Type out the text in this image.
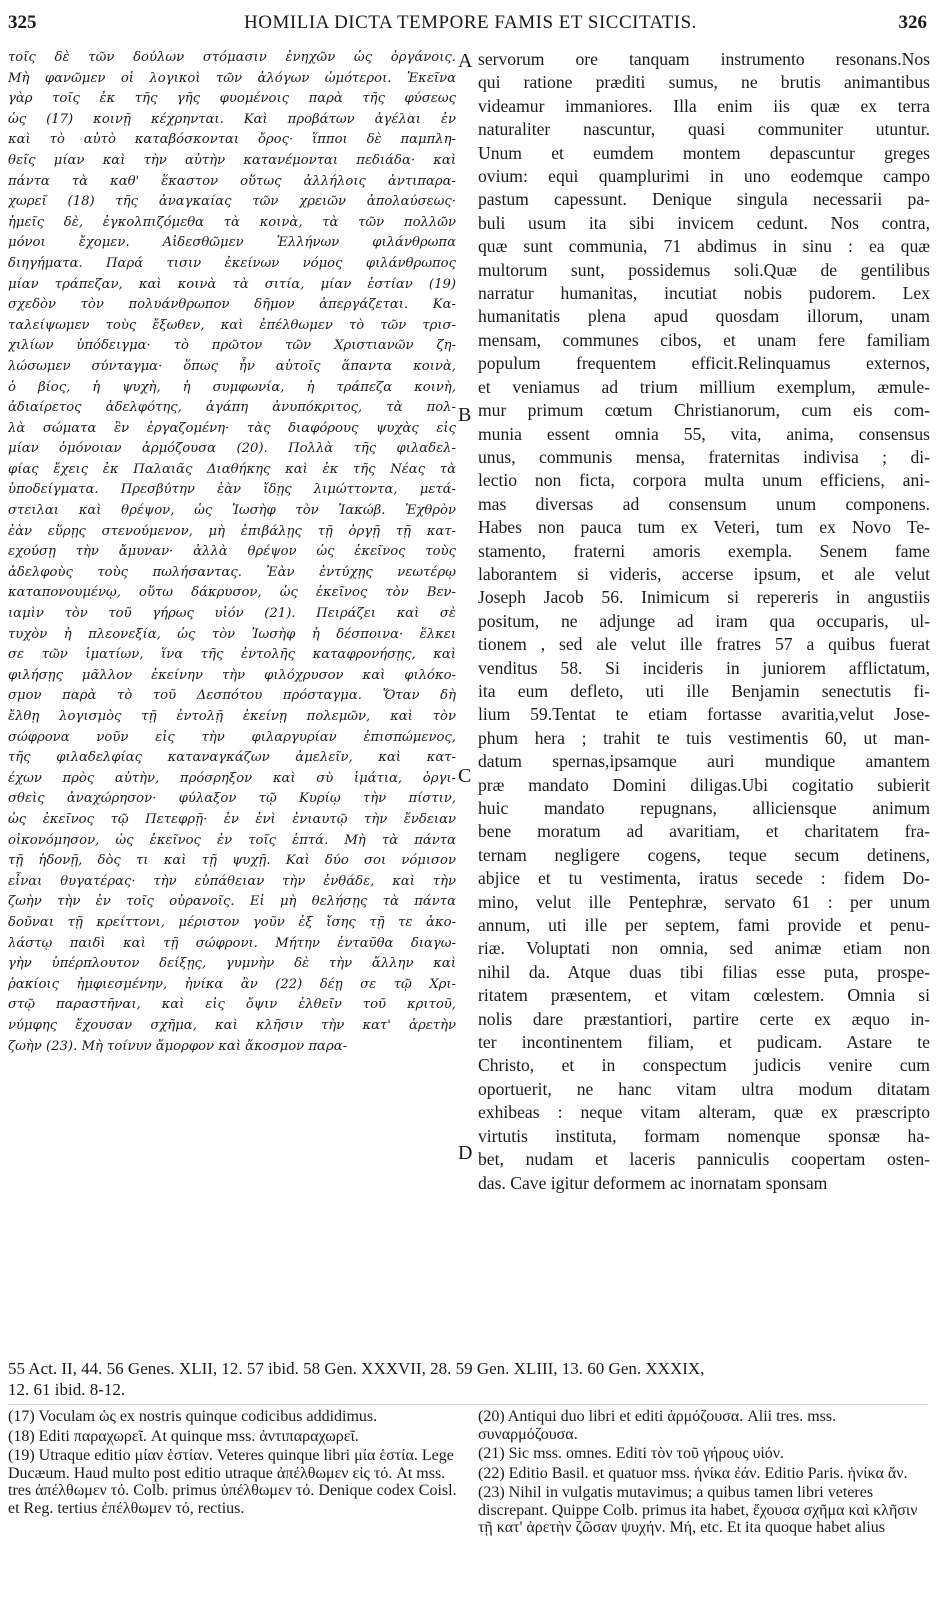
325	HOMILIA DICTA TEMPORE FAMIS ET SICCITATIS.	326
τοῖς δὲ τῶν δούλων στόμασιν ἐνηχῶν ὡς ὀργάνοις.
Μὴ φανῶμεν οἱ λογικοὶ τῶν ἀλόγων ὠμότεροι. Ἐκεῖνα
γὰρ τοῖς ἐκ τῆς γῆς φυομένοις παρὰ τῆς φύσεως
ὡς (17) κοινῇ κέχρηνται. Καὶ προβάτων ἀγέλαι ἐν
καὶ τὸ αὐτὸ καταβόσκονται ὄρος· ἵπποι δὲ παμπλη-
θεῖς μίαν καὶ τὴν αὐτὴν κατανέμονται πεδιάδα· καὶ
πάντα τὰ καθ' ἕκαστον οὕτως ἀλλήλοις ἀντιπαρα-
χωρεῖ (18) τῆς ἀναγκαίας τῶν χρειῶν ἀπολαύσεως·
ἡμεῖς δὲ, ἐγκολπιζόμεθα τὰ κοινὰ, τὰ τῶν πολλῶν
μόνοι ἔχομεν. Αἰδεσθῶμεν Ἑλλήνων φιλάνθρωπα
διηγήματα. Παρά τισιν ἐκείνων νόμος φιλάνθρωπος
μίαν τράπεζαν, καὶ κοινὰ τὰ σιτία, μίαν ἑστίαν (19)
σχεδὸν τὸν πολυάνθρωπον δῆμον ἀπεργάζεται. Κα-
ταλείψωμεν τοὺς ἔξωθεν, καὶ ἐπέλθωμεν τὸ τῶν τρισ-
χιλίων ὑπόδειγμα· τὸ πρῶτον τῶν Χριστιανῶν ζη-
λώσωμεν σύνταγμα· ὅπως ἦν αὐτοῖς ἅπαντα κοινὰ,
ὁ βίος, ἡ ψυχὴ, ἡ συμφωνία, ἡ τράπεζα κοινὴ,
ἀδιαίρετος ἀδελφότης, ἀγάπη ἀνυπόκριτος, τὰ πολ-
λὰ σώματα ἓν ἐργαζομένη· τὰς διαφόρους ψυχὰς εἰς
μίαν ὁμόνοιαν ἁρμόζουσα (20). Πολλὰ τῆς φιλαδελ-
φίας ἔχεις ἐκ Παλαιᾶς Διαθήκης καὶ ἐκ τῆς Νέας τὰ
ὑποδείγματα. Πρεσβύτην ἐὰν ἴδῃς λιμώττοντα, μετά-
στειλαι καὶ θρέψον, ὡς Ἰωσὴφ τὸν Ἰακώβ. Ἐχθρὸν
ἐὰν εὕρῃς στενούμενον, μὴ ἐπιβάλῃς τῇ ὀργῇ τῇ κατ-
εχούσῃ τὴν ἄμυναν· ἀλλὰ θρέψον ὡς ἐκεῖνος τοὺς
ἀδελφοὺς τοὺς πωλήσαντας. Ἐὰν ἐντύχῃς νεωτέρῳ
καταπονουμένῳ, οὕτω δάκρυσον, ὡς ἐκεῖνος τὸν Βεν-
ιαμὶν τὸν τοῦ γήρως υἱόν (21). Πειράζει καὶ σὲ
τυχὸν ἡ πλεονεξία, ὡς τὸν Ἰωσὴφ ἡ δέσποινα· ἕλκει
σε τῶν ἱματίων, ἵνα τῆς ἐντολῆς καταφρονήσῃς, καὶ
φιλήσῃς μᾶλλον ἐκείνην τὴν φιλόχρυσον καὶ φιλόκο-
σμον παρὰ τὸ τοῦ Δεσπότου πρόσταγμα. Ὅταν δὴ
ἔλθῃ λογισμὸς τῇ ἐντολῇ ἐκείνῃ πολεμῶν, καὶ τὸν
σώφρονα νοῦν εἰς τὴν φιλαργυρίαν ἐπισπώμενος,
τῆς φιλαδελφίας καταναγκάζων ἀμελεῖν, καὶ κατ-
έχων πρὸς αὐτὴν, πρόσρηξον καὶ σὺ ἱμάτια, ὀργι-
σθεὶς ἀναχώρησον· φύλαξον τῷ Κυρίῳ τὴν πίστιν,
ὡς ἐκεῖνος τῷ Πετεφρῇ· ἐν ἑνὶ ἐνιαυτῷ τὴν ἔνδειαν
οἰκονόμησον, ὡς ἐκεῖνος ἐν τοῖς ἑπτά. Μὴ τὰ πάντα
τῇ ἡδονῇ, δὸς τι καὶ τῇ ψυχῇ. Καὶ δύο σοι νόμισον
εἶναι θυγατέρας· τὴν εὐπάθειαν τὴν ἐνθάδε, καὶ τὴν
ζωὴν τὴν ἐν τοῖς οὐρανοῖς. Εἰ μὴ θελήσῃς τὰ πάντα
δοῦναι τῇ κρείττονι, μέριστον γοῦν ἐξ ἴσης τῇ τε ἀκο-
λάστῳ παιδὶ καὶ τῇ σώφρονι. Μήτην ἐνταῦθα διαγω-
γὴν ὑπέρπλουτον δείξῃς, γυμνὴν δὲ τὴν ἄλλην καὶ
ῥακίοις ἠμφιεσμένην, ἡνίκα ἂν (22) δέῃ σε τῷ Χρι-
στῷ παραστῆναι, καὶ εἰς ὄψιν ἐλθεῖν τοῦ κριτοῦ,
νύμφης ἔχουσαν σχῆμα, καὶ κλῆσιν τὴν κατ' ἀρετὴν
ζωὴν (23). Μὴ τοίνυν ἄμορφον καὶ ἄκοσμον παρα-
servorum ore tanquam instrumento resonans.Nos
qui ratione præditi sumus, ne brutis animantibus
videamur immaniores. Illa enim iis quæ ex terra
naturaliter nascuntur, quasi communiter utuntur.
Unum et eumdem montem depascuntur greges
ovium: equi quamplurimi in uno eodemque campo
pastum capessunt. Denique singula necessarii pa-
buli usum ita sibi invicem cedunt. Nos contra,
quæ sunt communia, 71 abdimus in sinu : ea quæ
multorum sunt, possidemus soli.Quæ de gentilibus
narratur humanitas, incutiat nobis pudorem. Lex
humanitatis plena apud quosdam illorum, unam
mensam, communes cibos, et unam fere familiam
populum frequentem efficit.Relinquamus externos,
et veniamus ad trium millium exemplum, æmule-
mur primum cœtum Christianorum, cum eis com-
munia essent omnia 55, vita, anima, consensus
unus, communis mensa, fraternitas indivisa ; di-
lectio non ficta, corpora multa unum efficiens, ani-
mas diversas ad consensum unum componens.
Habes non pauca tum ex Veteri, tum ex Novo Te-
stamento, fraterni amoris exempla. Senem fame
laborantem si videris, accerse ipsum, et ale velut
Joseph Jacob 56. Inimicum si repereris in angustiis
positum, ne adjunge ad iram qua occuparis, ul-
tionem , sed ale velut ille fratres 57 a quibus fuerat
venditus 58. Si incideris in juniorem afflictatum,
ita eum defleto, uti ille Benjamin senectutis fi-
lium 59.Tentat te etiam fortasse avaritia,velut Jose-
phum hera ; trahit te tuis vestimentis 60, ut man-
datum spernas,ipsamque auri mundique amantem
præ mandato Domini diligas.Ubi cogitatio subierit
huic mandato repugnans, alliciensque animum
bene moratum ad avaritiam, et charitatem fra-
ternam negligere cogens, teque secum detinens,
abjice et tu vestimenta, iratus secede : fidem Do-
mino, velut ille Pentephræ, servato 61 : per unum
annum, uti ille per septem, fami provide et penu-
riæ. Voluptati non omnia, sed animæ etiam non
nihil da. Atque duas tibi filias esse puta, prospe-
ritatem præsentem, et vitam cœlestem. Omnia si
nolis dare præstantiori, partire certe ex æquo in-
ter incontinentem filiam, et pudicam. Astare te
Christo, et in conspectum judicis venire cum
oportuerit, ne hanc vitam ultra modum ditatam
exhibeas : neque vitam alteram, quæ ex præscripto
virtutis instituta, formam nomenque sponsæ ha-
bet, nudam et laceris panniculis coopertam osten-
das. Cave igitur deformem ac inornatam sponsam
A
B
C
D
55 Act. II, 44. 56 Genes. XLII, 12. 57 ibid. 58 Gen. XXXVII, 28. 59 Gen. XLIII, 13. 60 Gen. XXXIX,
12. 61 ibid. 8-12.
(17) Voculam ὡς ex nostris quinque codicibus addidimus.
(18) Editi παραχωρεῖ. At quinque mss. ἀντιπαραχωρεῖ.
(19) Utraque editio μίαν ἑστίαν. Veteres quinque libri μία ἑστία. Lege Ducæum. Haud multo post editio utraque ἀπέλθωμεν εἰς τό. At mss. tres ἀπέλθωμεν τό. Colb. primus ὑπέλθωμεν τό. Denique codex Coisl. et Reg. tertius ἐπέλθωμεν τό, rectius.
(20) Antiqui duo libri et editi ἁρμόζουσα. Alii tres. mss. συναρμόζουσα.
(21) Sic mss. omnes. Editi τὸν τοῦ γήρους υἱόν.
(22) Editio Basil. et quatuor mss. ἡνίκα ἐάν. Editio Paris. ἡνίκα ἄν.
(23) Nihil in vulgatis mutavimus; a quibus tamen libri veteres discrepant. Quippe Colb. primus ita habet, ἔχουσα σχῆμα καὶ κλῆσιν τῇ κατ' ἀρετὴν ζῶσαν ψυχήν. Μή, etc. Et ita quoque habet alius
